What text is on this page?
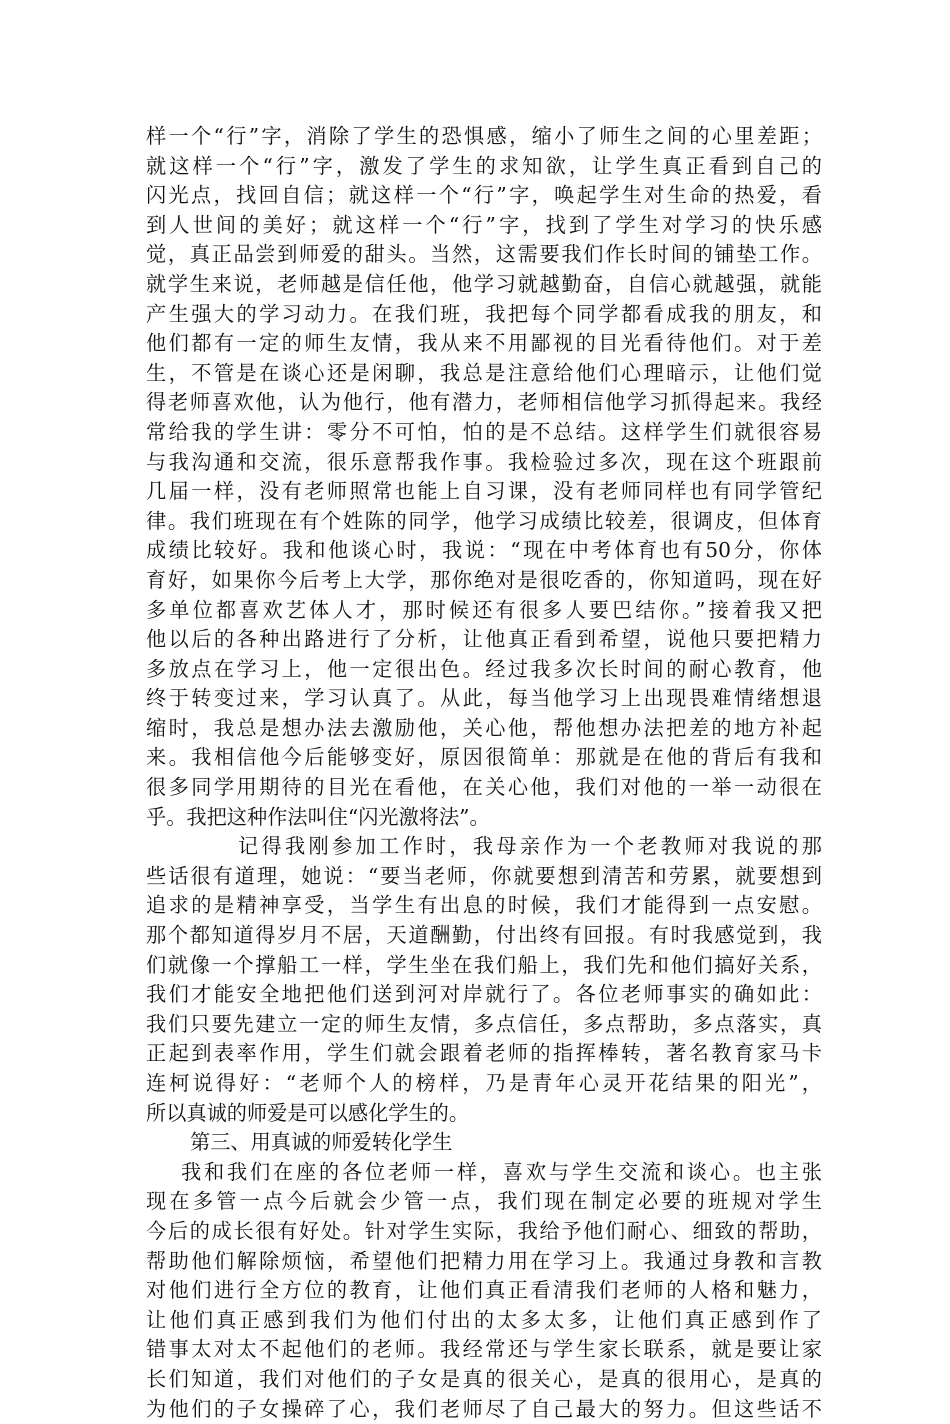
样一个“行”字，消除了学生的恐惧感，缩小了师生之间的心里差距；
就这样一个“行”字，激发了学生的求知欲，让学生真正看到自己的
闪光点，找回自信；就这样一个“行”字，唤起学生对生命的热爱，看
到人世间的美好；就这样一个“行”字，找到了学生对学习的快乐感
觉，真正品尝到师爱的甜头。当然，这需要我们作长时间的铺垫工作。
就学生来说，老师越是信任他，他学习就越勤奋，自信心就越强，就能
产生强大的学习动力。在我们班，我把每个同学都看成我的朋友，和
他们都有一定的师生友情，我从来不用鄙视的目光看待他们。对于差
生，不管是在谈心还是闲聊，我总是注意给他们心理暗示，让他们觉
得老师喜欢他，认为他行，他有潜力，老师相信他学习抓得起来。我经
常给我的学生讲：零分不可怕，怕的是不总结。这样学生们就很容易
与我沟通和交流，很乐意帮我作事。我检验过多次，现在这个班跟前
几届一样，没有老师照常也能上自习课，没有老师同样也有同学管纪
律。我们班现在有个姓陈的同学，他学习成绩比较差，很调皮，但体育
成绩比较好。我和他谈心时，我说：“现在中考体育也有50分，你体
育好，如果你今后考上大学，那你绝对是很吃香的，你知道吗，现在好
多单位都喜欢艺体人才，那时候还有很多人要巴结你。”接着我又把
他以后的各种出路进行了分析，让他真正看到希望，说他只要把精力
多放点在学习上，他一定很出色。经过我多次长时间的耐心教育，他
终于转变过来，学习认真了。从此，每当他学习上出现畏难情绪想退
缩时，我总是想办法去激励他，关心他，帮他想办法把差的地方补起
来。我相信他今后能够变好，原因很简单：那就是在他的背后有我和
很多同学用期待的目光在看他，在关心他，我们对他的一举一动很在
乎。我把这种作法叫住“闪光激将法”。
记得我刚参加工作时，我母亲作为一个老教师对我说的那
些话很有道理，她说：“要当老师，你就要想到清苦和劳累，就要想到
追求的是精神享受，当学生有出息的时候，我们才能得到一点安慰。
那个都知道得岁月不居，天道酬勤，付出终有回报。有时我感觉到，我
们就像一个撑船工一样，学生坐在我们船上，我们先和他们搞好关系，
我们才能安全地把他们送到河对岸就行了。各位老师事实的确如此：
我们只要先建立一定的师生友情，多点信任，多点帮助，多点落实，真
正起到表率作用，学生们就会跟着老师的指挥棒转，著名教育家马卡
连柯说得好：“老师个人的榜样，乃是青年心灵开花结果的阳光”，
所以真诚的师爱是可以感化学生的。
第三、用真诚的师爱转化学生
我和我们在座的各位老师一样，喜欢与学生交流和谈心。也主张
现在多管一点今后就会少管一点，我们现在制定必要的班规对学生
今后的成长很有好处。针对学生实际，我给予他们耐心、细致的帮助，
帮助他们解除烦恼，希望他们把精力用在学习上。我通过身教和言教
对他们进行全方位的教育，让他们真正看清我们老师的人格和魅力，
让他们真正感到我们为他们付出的太多太多，让他们真正感到作了
错事太对太不起他们的老师。我经常还与学生家长联系，就是要让家
长们知道，我们对他们的子女是真的很关心，是真的很用心，是真的
为他们的子女操碎了心，我们老师尽了自己最大的努力。但这些话不
